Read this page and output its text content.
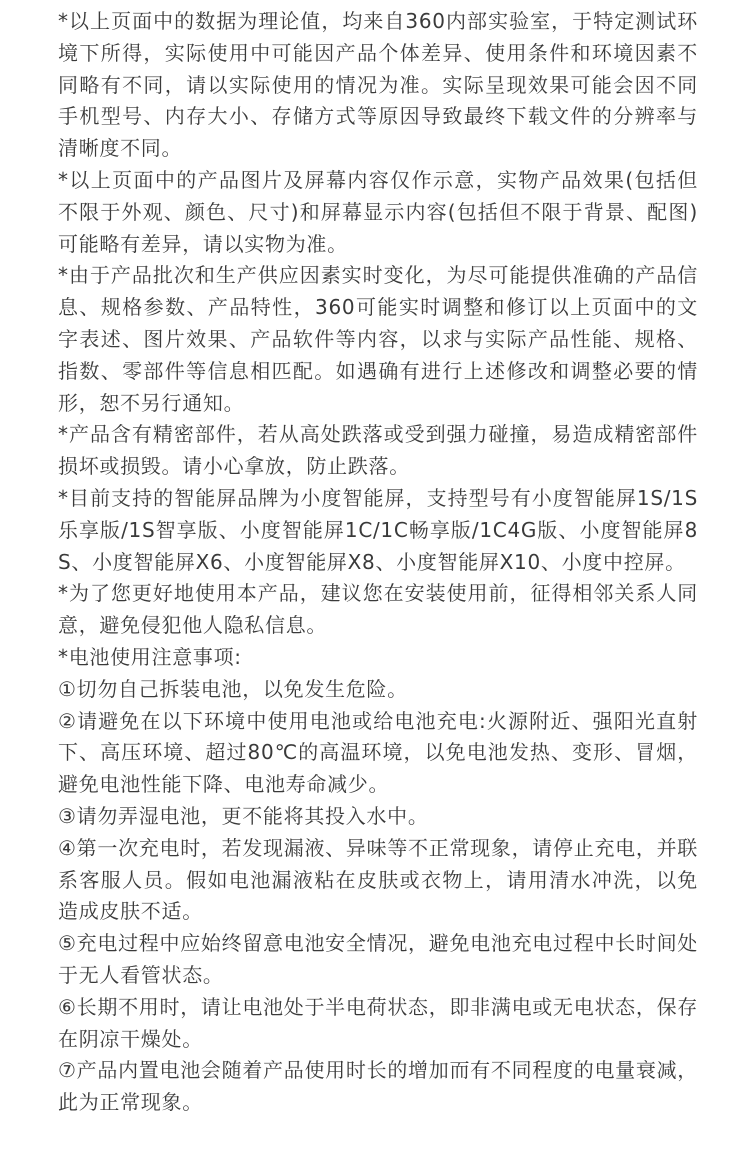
*以上页面中的数据为理论值，均来自360内部实验室，于特定测试环境下所得，实际使用中可能因产品个体差异、使用条件和环境因素不同略有不同，请以实际使用的情况为准。实际呈现效果可能会因不同手机型号、内存大小、存储方式等原因导致最终下载文件的分辨率与清晰度不同。

*以上页面中的产品图片及屏幕内容仅作示意，实物产品效果(包括但不限于外观、颜色、尺寸)和屏幕显示内容(包括但不限于背景、配图)可能略有差异，请以实物为准。

*由于产品批次和生产供应因素实时变化，为尽可能提供准确的产品信息、规格参数、产品特性，360可能实时调整和修订以上页面中的文字表述、图片效果、产品软件等内容，以求与实际产品性能、规格、指数、零部件等信息相匹配。如遇确有进行上述修改和调整必要的情形，恕不另行通知。

*产品含有精密部件，若从高处跌落或受到强力碰撞，易造成精密部件损坏或损毁。请小心拿放，防止跌落。

*目前支持的智能屏品牌为小度智能屏，支持型号有小度智能屏1S/1S乐享版/1S智享版、小度智能屏1C/1C畅享版/1C4G版、小度智能屏8S、小度智能屏X6、小度智能屏X8、小度智能屏X10、小度中控屏。

*为了您更好地使用本产品，建议您在安装使用前，征得相邻关系人同意，避免侵犯他人隐私信息。

*电池使用注意事项:

①切勿自己拆装电池，以免发生危险。

②请避免在以下环境中使用电池或给电池充电:火源附近、强阳光直射下、高压环境、超过80℃的高温环境，以免电池发热、变形、冒烟，避免电池性能下降、电池寿命减少。

③请勿弄湿电池，更不能将其投入水中。

④第一次充电时，若发现漏液、异味等不正常现象，请停止充电，并联系客服人员。假如电池漏液粘在皮肤或衣物上，请用清水冲洗，以免造成皮肤不适。

⑤充电过程中应始终留意电池安全情况，避免电池充电过程中长时间处于无人看管状态。

⑥长期不用时，请让电池处于半电荷状态，即非满电或无电状态，保存在阴凉干燥处。

⑦产品内置电池会随着产品使用时长的增加而有不同程度的电量衰减，此为正常现象。
